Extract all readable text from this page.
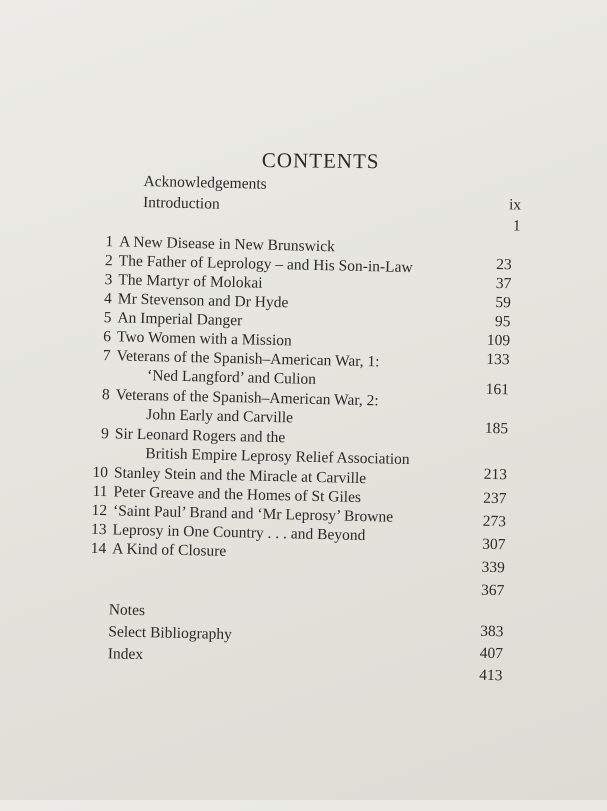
CONTENTS
Acknowledgements
Introduction	ix
1
1 A New Disease in New Brunswick
2 The Father of Leprology – and His Son-in-Law
3 The Martyr of Molokai
4 Mr Stevenson and Dr Hyde
5 An Imperial Danger
6 Two Women with a Mission
7 Veterans of the Spanish–American War, 1:
‘Ned Langford’ and Culion
8 Veterans of the Spanish–American War, 2:
John Early and Carville
9 Sir Leonard Rogers and the
British Empire Leprosy Relief Association
10 Stanley Stein and the Miracle at Carville
11 Peter Greave and the Homes of St Giles
12 ‘Saint Paul’ Brand and ‘Mr Leprosy’ Browne
13 Leprosy in One Country . . . and Beyond
14 A Kind of Closure
23
37
59
95
109
133
161
185
213
237
273
307
339
367
Notes
Select Bibliography
Index
383
407
413
